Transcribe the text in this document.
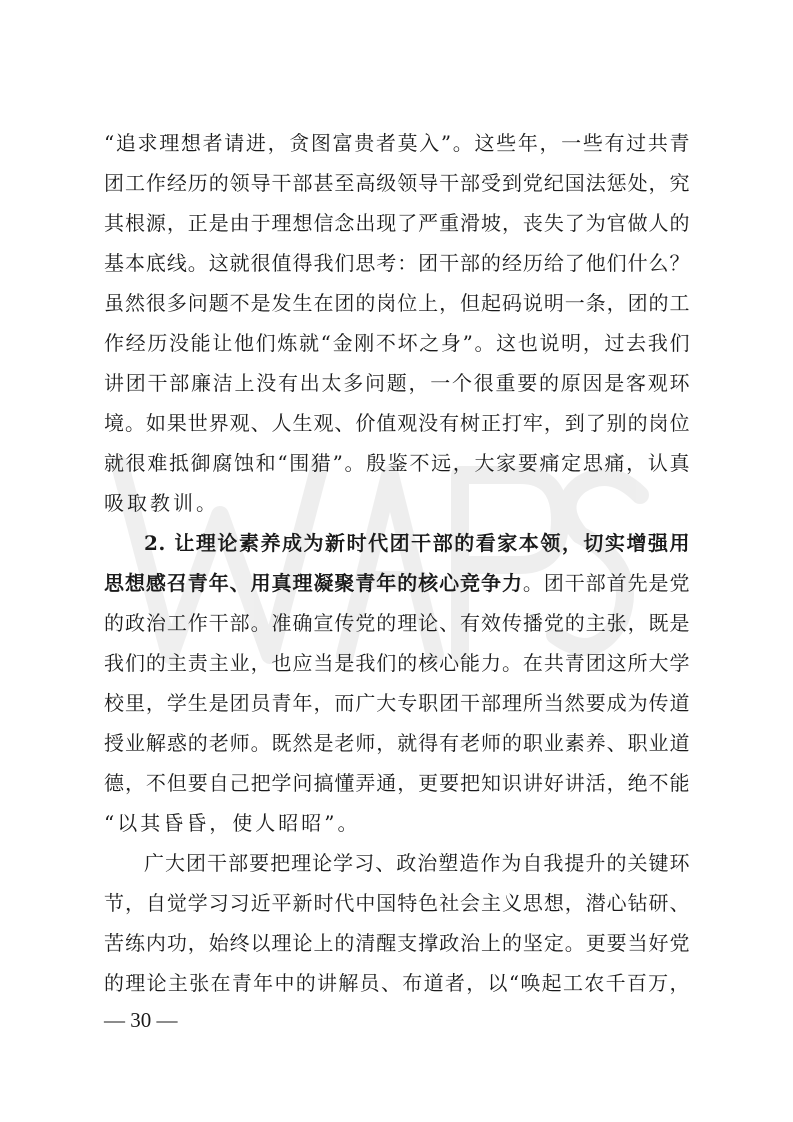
“追求理想者请进，贪图富贵者莫入”。这些年，一些有过共青
团工作经历的领导干部甚至高级领导干部受到党纪国法惩处，究
其根源，正是由于理想信念出现了严重滑坡，丧失了为官做人的
基本底线。这就很值得我们思考：团干部的经历给了他们什么？
虽然很多问题不是发生在团的岗位上，但起码说明一条，团的工
作经历没能让他们炼就“金刚不坏之身”。这也说明，过去我们
讲团干部廉洁上没有出太多问题，一个很重要的原因是客观环
境。如果世界观、人生观、价值观没有树正打牢，到了别的岗位
就很难抵御腐蚀和“围猎”。殷鉴不远，大家要痛定思痛，认真
吸取教训。
2. 让理论素养成为新时代团干部的看家本领，切实增强用
思想感召青年、用真理凝聚青年的核心竞争力。团干部首先是党
的政治工作干部。准确宣传党的理论、有效传播党的主张，既是
我们的主责主业，也应当是我们的核心能力。在共青团这所大学
校里，学生是团员青年，而广大专职团干部理所当然要成为传道
授业解惑的老师。既然是老师，就得有老师的职业素养、职业道
德，不但要自己把学问搞懂弄通，更要把知识讲好讲活，绝不能
“以其昏昏，使人昭昭”。
广大团干部要把理论学习、政治塑造作为自我提升的关键环
节，自觉学习习近平新时代中国特色社会主义思想，潜心钻研、
苦练内功，始终以理论上的清醒支撑政治上的坚定。更要当好党
的理论主张在青年中的讲解员、布道者，以“唤起工农千百万，
— 30 —
